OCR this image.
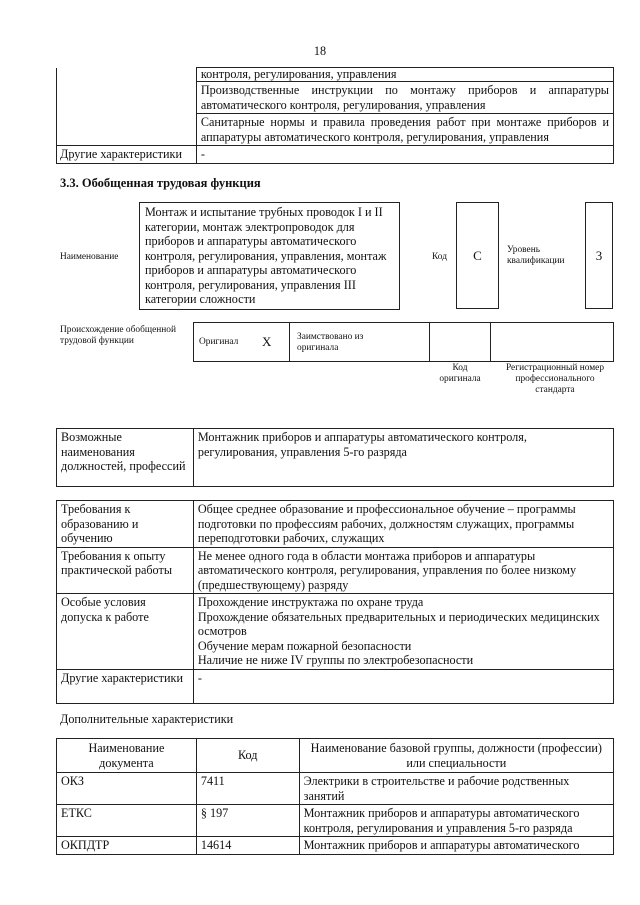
18
	контроля, регулирования, управления
	Производственные инструкции по монтажу приборов и аппаратуры автоматического контроля, регулирования, управления
	Санитарные нормы и правила проведения работ при монтаже приборов и аппаратуры автоматического контроля, регулирования, управления
Другие характеристики	-
3.3. Обобщенная трудовая функция
Наименование
Монтаж и испытание трубных проводок I и II категории, монтаж электропроводок для приборов и аппаратуры автоматического контроля, регулирования, управления, монтаж приборов и аппаратуры автоматического контроля, регулирования, управления III категории сложности
Код	C	Уровень квалификации	3
Происхождение обобщенной трудовой функции	Оригинал X	Заимствовано из оригинала
Код оригинала
Регистрационный номер профессионального стандарта
Возможные наименования должностей, профессий	Монтажник приборов и аппаратуры автоматического контроля, регулирования, управления 5-го разряда
Требования к образованию и обучению	Общее среднее образование и профессиональное обучение – программы подготовки по профессиям рабочих, должностям служащих, программы переподготовки рабочих, служащих

Требования к опыту практической работы	Не менее одного года в области монтажа приборов и аппаратуры автоматического контроля, регулирования, управления по более низкому (предшествующему) разряду

Особые условия допуска к работе	Прохождение инструктажа по охране труда
Прохождение обязательных предварительных и периодических медицинских осмотров
Обучение мерам пожарной безопасности
Наличие не ниже IV группы по электробезопасности

Другие характеристики	-
Дополнительные характеристики
Наименование документа	Код	Наименование базовой группы, должности (профессии) или специальности
ОКЗ	7411	Электрики в строительстве и рабочие родственных занятий
ЕТКС	§ 197	Монтажник приборов и аппаратуры автоматического контроля, регулирования и управления 5-го разряда
ОКПДТР	14614	Монтажник приборов и аппаратуры автоматического
